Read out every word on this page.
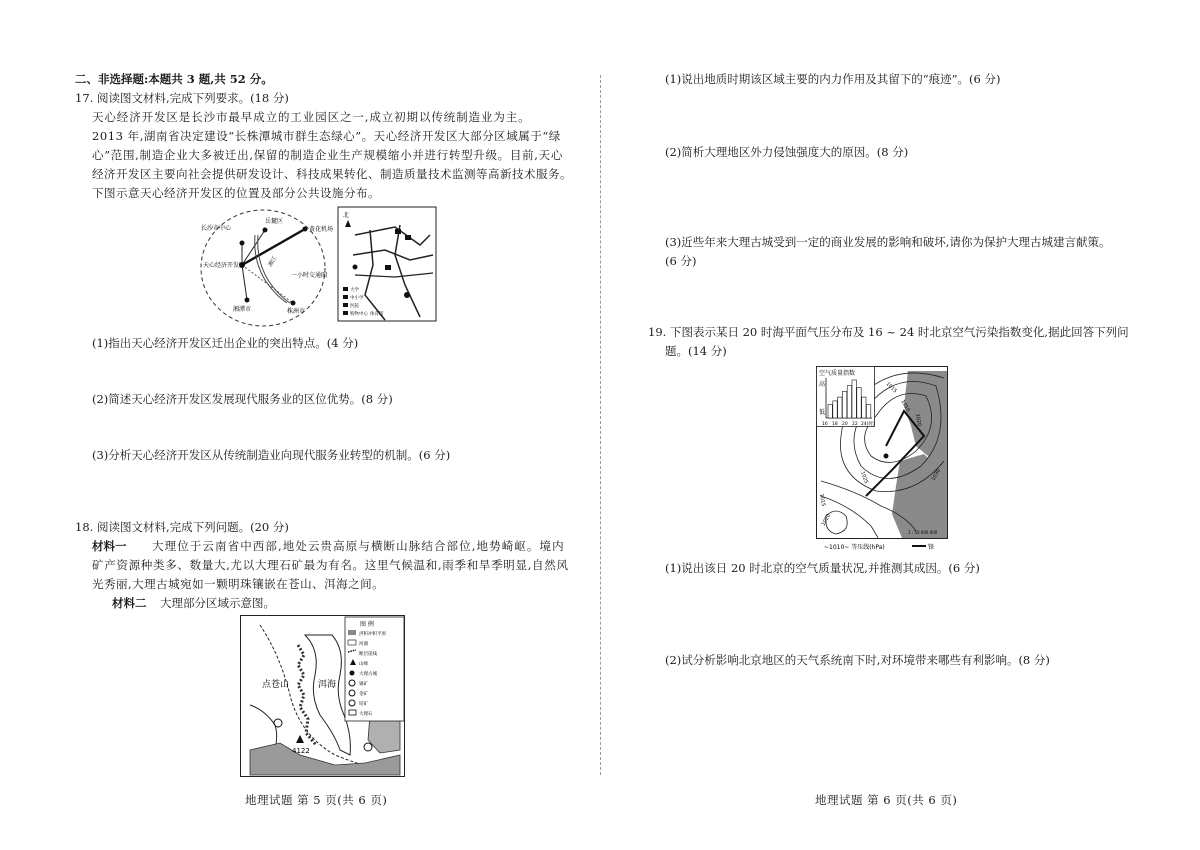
二、非选择题:本题共 3 题,共 52 分。
17. 阅读图文材料,完成下列要求。(18 分)
天心经济开发区是长沙市最早成立的工业园区之一,成立初期以传统制造业为主。
2013 年,湖南省决定建设“长株潭城市群生态绿心”。天心经济开发区大部分区域属于“绿
心”范围,制造企业大多被迁出,保留的制造企业生产规模缩小并进行转型升级。目前,天心
经济开发区主要向社会提供研发设计、科技成果转化、制造质量技术监测等高新技术服务。
下图示意天心经济开发区的位置及部分公共设施分布。
长沙市中心
岳麓区
黄花机场
天心经济开发区	湘江
一小时交通圈
湘潭市	株洲市
北
大学
中小学
医院
购物中心 体育馆
(1)指出天心经济开发区迁出企业的突出特点。(4 分)
(2)简述天心经济开发区发展现代服务业的区位优势。(8 分)
(3)分析天心经济开发区从传统制造业向现代服务业转型的机制。(6 分)
18. 阅读图文材料,完成下列问题。(20 分)
材料一 大理位于云南省中西部,地处云贵高原与横断山脉结合部位,地势崎岖。境内
矿产资源种类多、数量大,尤以大理石矿最为有名。这里气候温和,雨季和旱季明显,自然风
光秀丽,大理古城宛如一颗明珠镶嵌在苍山、洱海之间。
材料二 大理部分区域示意图。
点苍山	洱海
4122
图 例
洪积冲积平原
河湖
断层崖线
山峰
大理古城
锡矿
金矿
铅矿
大理石
地理试题 第 5 页(共 6 页)
(1)说出地质时期该区域主要的内力作用及其留下的“痕迹”。(6 分)
(2)简析大理地区外力侵蚀强度大的原因。(8 分)
(3)近些年来大理古城受到一定的商业发展的影响和破坏,请你为保护大理古城建言献策。
(6 分)
19. 下图表示某日 20 时海平面气压分布及 16 ~ 24 时北京空气污染指数变化,据此回答下列问
题。(14 分)
空气质量指数
高
低
16 18 20 22 24(时)
1015
1010
1020
1025	1030
1015
1020
1 : 50 000 000
~1010~ 等压线(hPa)	锋
(1)说出该日 20 时北京的空气质量状况,并推测其成因。(6 分)
(2)试分析影响北京地区的天气系统南下时,对环境带来哪些有利影响。(8 分)
地理试题 第 6 页(共 6 页)
